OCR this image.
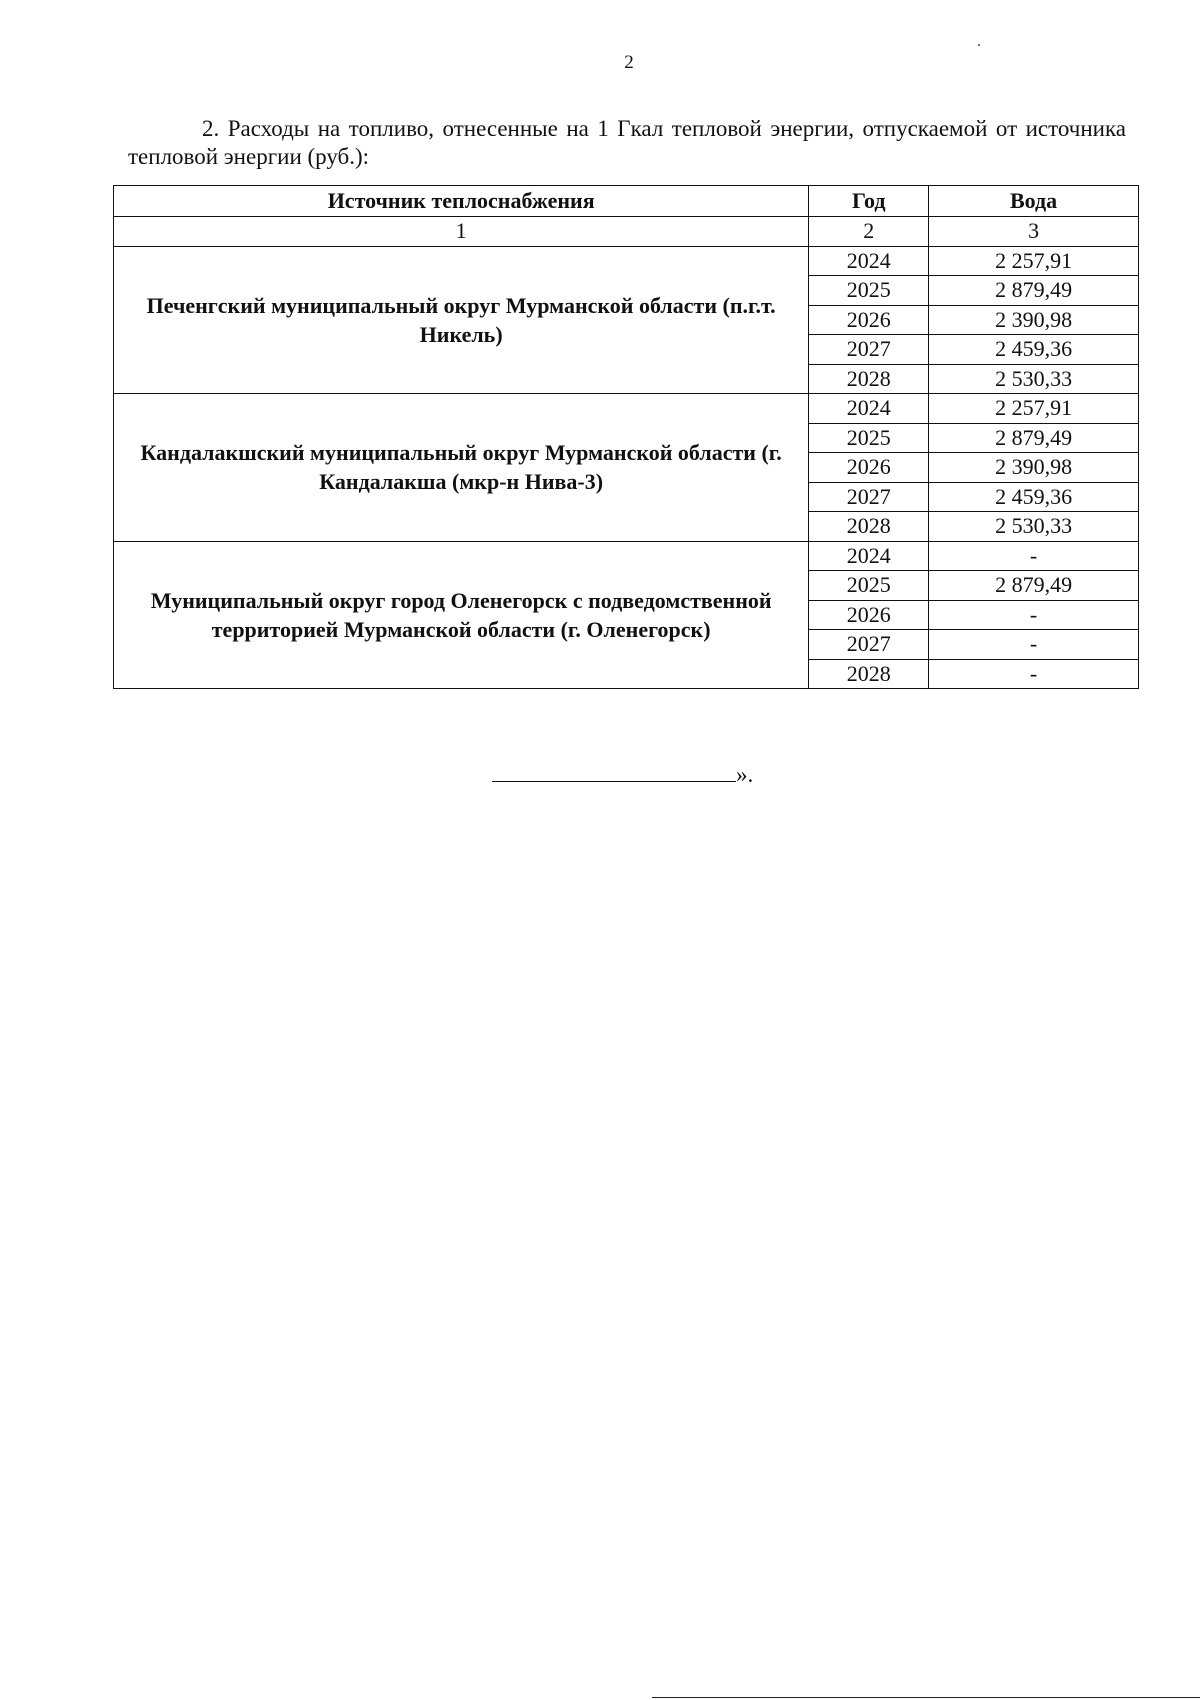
2

2. Расходы на топливо, отнесенные на 1 Гкал тепловой энергии, отпускаемой от источника тепловой энергии (руб.):

Источник теплоснабжения	Год	Вода
1	2	3
Печенгский муниципальный округ Мурманской области (п.г.т. Никель)	2024	2 257,91
	2025	2 879,49
	2026	2 390,98
	2027	2 459,36
	2028	2 530,33
Кандалакшский муниципальный округ Мурманской области (г. Кандалакша (мкр-н Нива-3)	2024	2 257,91
	2025	2 879,49
	2026	2 390,98
	2027	2 459,36
	2028	2 530,33
Муниципальный округ город Оленегорск с подведомственной территорией Мурманской области (г. Оленегорск)	2024	-
	2025	2 879,49
	2026	-
	2027	-
	2028	-
».
